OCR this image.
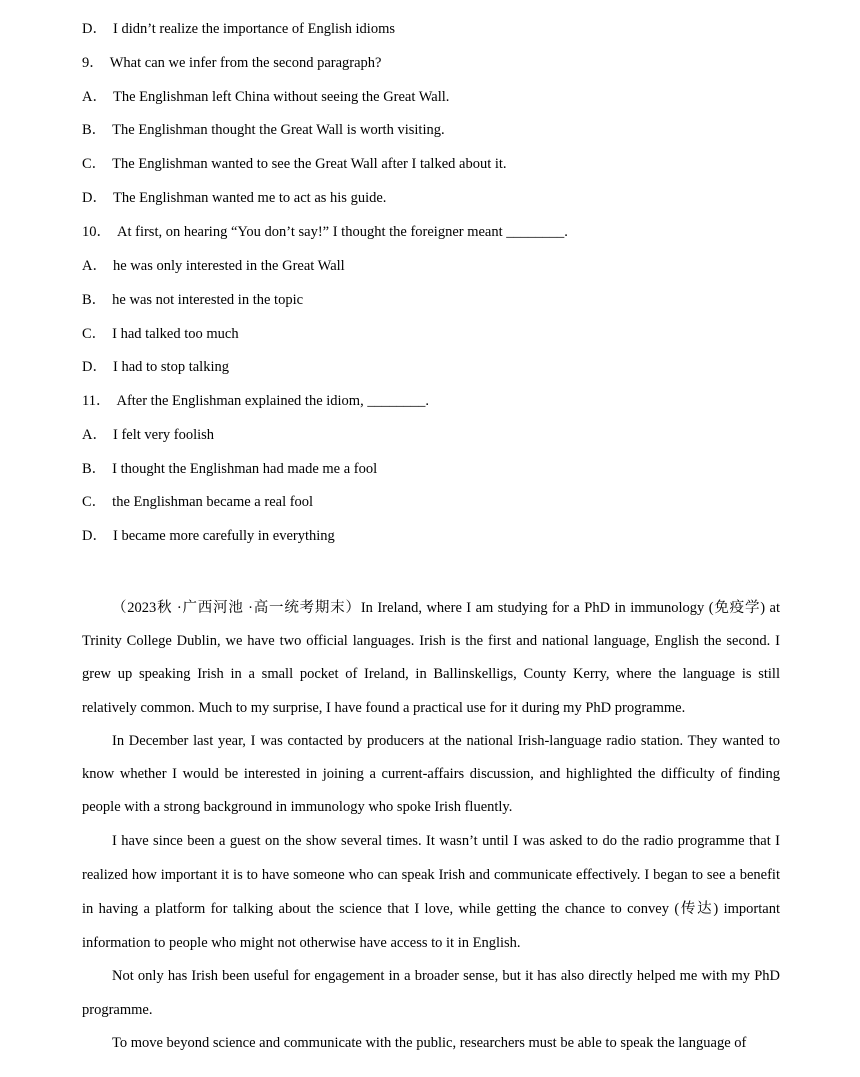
D． I didn’t realize the importance of English idioms
9． What can we infer from the second paragraph?
A． The Englishman left China without seeing the Great Wall.
B． The Englishman thought the Great Wall is worth visiting.
C． The Englishman wanted to see the Great Wall after I talked about it.
D． The Englishman wanted me to act as his guide.
10． At first, on hearing “You don’t say!” I thought the foreigner meant ________.
A． he was only interested in the Great Wall
B． he was not interested in the topic
C． I had talked too much
D． I had to stop talking
11． After the Englishman explained the idiom, ________.
A． I felt very foolish
B． I thought the Englishman had made me a fool
C． the Englishman became a real fool
D． I became more carefully in everything

（2023秋 ·广西河池 ·高一统考期末）In Ireland, where I am studying for a PhD in immunology (免疫学) at Trinity College Dublin, we have two official languages. Irish is the first and national language, English the second. I grew up speaking Irish in a small pocket of Ireland, in Ballinskelligs, County Kerry, where the language is still relatively common. Much to my surprise, I have found a practical use for it during my PhD programme.

In December last year, I was contacted by producers at the national Irish-language radio station. They wanted to know whether I would be interested in joining a current-affairs discussion, and highlighted the difficulty of finding people with a strong background in immunology who spoke Irish fluently.

I have since been a guest on the show several times. It wasn’t until I was asked to do the radio programme that I realized how important it is to have someone who can speak Irish and communicate effectively. I began to see a benefit in having a platform for talking about the science that I love, while getting the chance to convey (传达) important information to people who might not otherwise have access to it in English.

Not only has Irish been useful for engagement in a broader sense, but it has also directly helped me with my PhD programme.

To move beyond science and communicate with the public, researchers must be able to speak the language of
